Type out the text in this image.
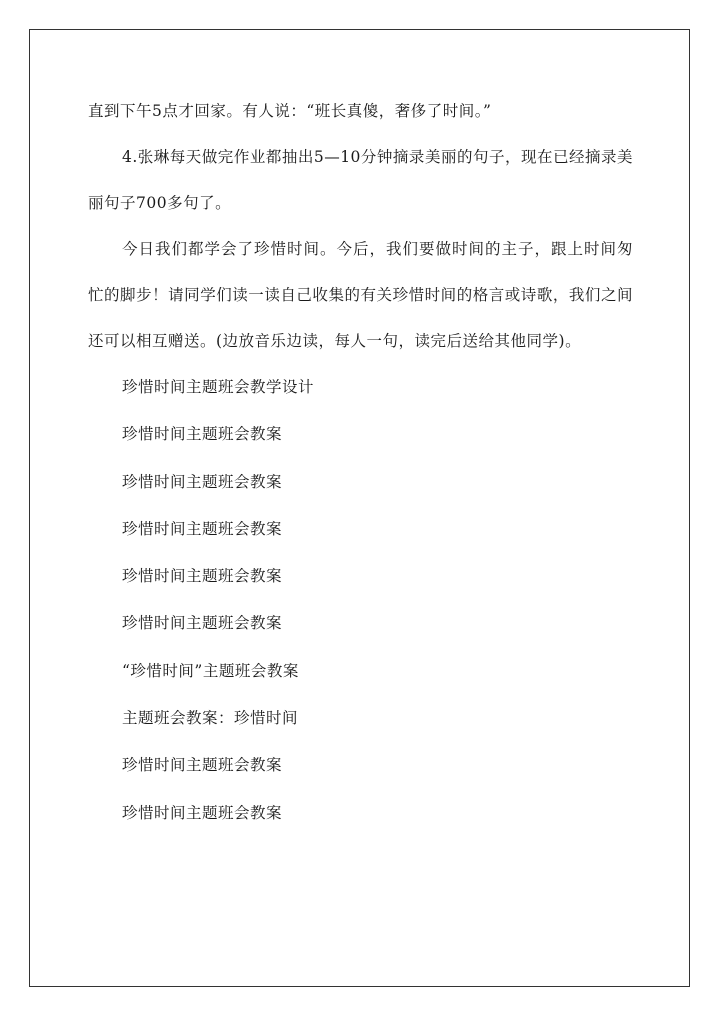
直到下午5点才回家。有人说：“班长真傻，奢侈了时间。”

4.张琳每天做完作业都抽出5—10分钟摘录美丽的句子，现在已经摘录美丽句子700多句了。

今日我们都学会了珍惜时间。今后，我们要做时间的主子，跟上时间匆忙的脚步！请同学们读一读自己收集的有关珍惜时间的格言或诗歌，我们之间还可以相互赠送。(边放音乐边读，每人一句，读完后送给其他同学)。

珍惜时间主题班会教学设计
珍惜时间主题班会教案
珍惜时间主题班会教案
珍惜时间主题班会教案
珍惜时间主题班会教案
珍惜时间主题班会教案
“珍惜时间”主题班会教案
主题班会教案：珍惜时间
珍惜时间主题班会教案
珍惜时间主题班会教案
